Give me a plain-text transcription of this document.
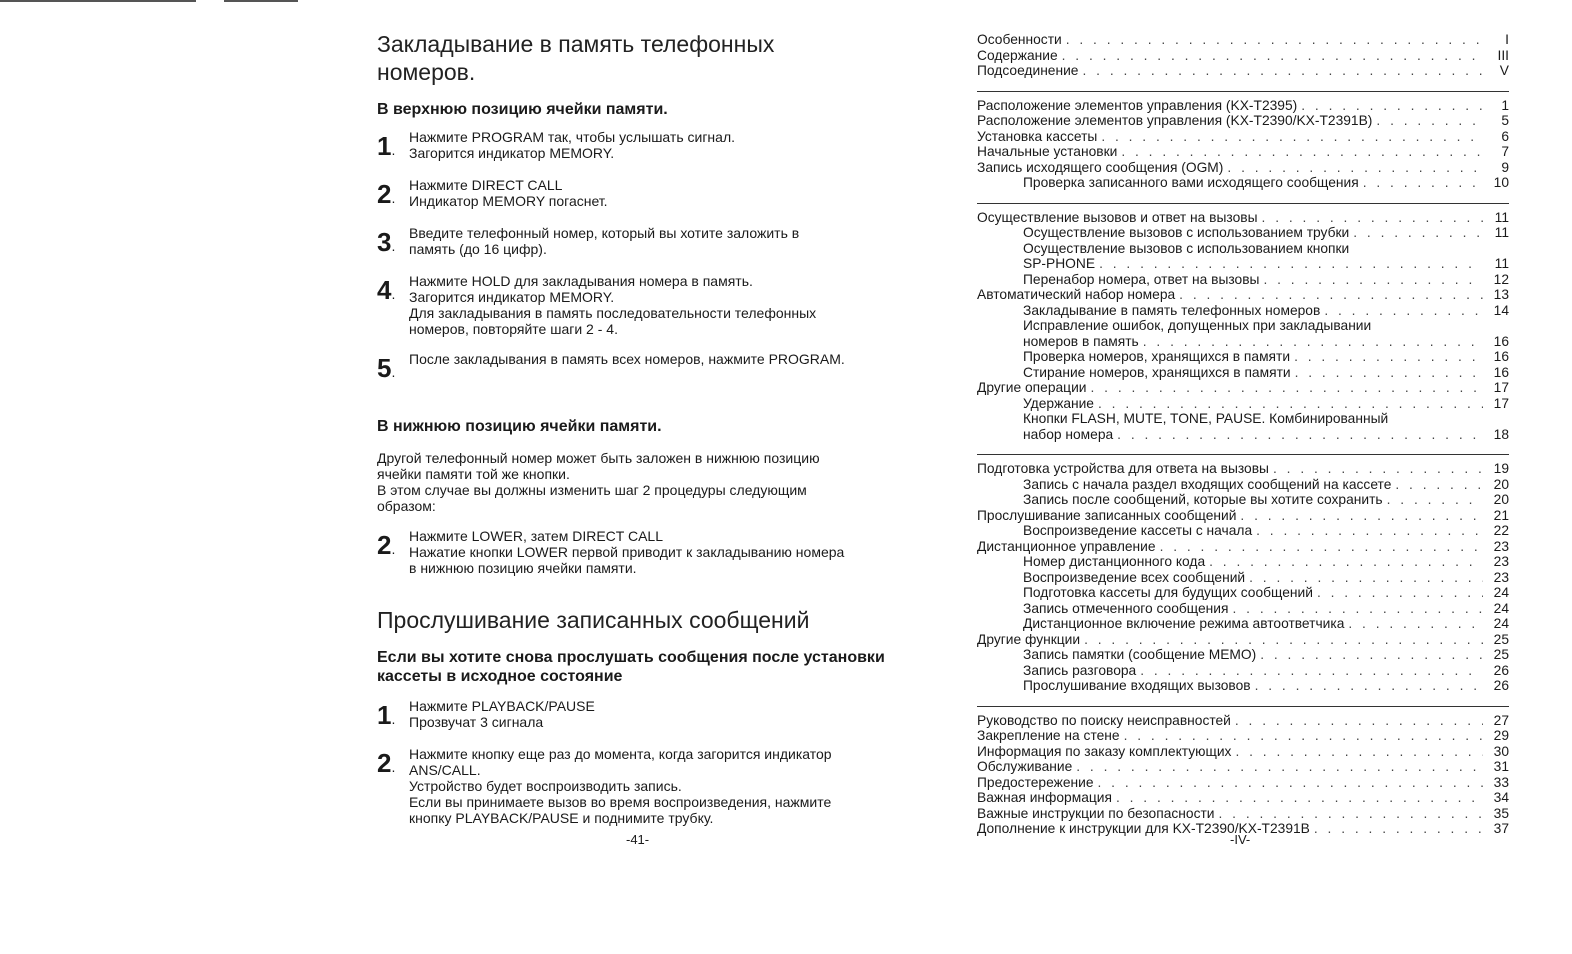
Закладывание в память телефонных номеров.
В верхнюю позицию ячейки памяти.
1.
Нажмите PROGRAM так, чтобы услышать сигнал.
Загорится индикатор MEMORY.
2.
Нажмите DIRECT CALL
Индикатор MEMORY погаснет.
3.
Введите телефонный номер, который вы хотите заложить в
память (до 16 цифр).
4.
Нажмите HOLD для закладывания номера в память.
Загорится индикатор MEMORY.
Для закладывания в память последовательности телефонных
номеров, повторяйте шаги 2 - 4.
5.
После закладывания в память всех номеров, нажмите PROGRAM.
В нижнюю позицию ячейки памяти.
Другой телефонный номер может быть заложен в нижнюю позицию
ячейки памяти той же кнопки.
В этом случае вы должны изменить шаг 2 процедуры следующим
образом:
2.
Нажмите LOWER, затем DIRECT CALL
Нажатие кнопки LOWER первой приводит к закладыванию номера
в нижнюю позицию ячейки памяти.
Прослушивание записанных сообщений
Если вы хотите снова прослушать сообщения после установки кассеты в исходное состояние
1.
Нажмите PLAYBACK/PAUSE
Прозвучат 3 сигнала
2.
Нажмите кнопку еще раз до момента, когда загорится индикатор
ANS/CALL.
Устройство будет воспроизводить запись.
Если вы принимаете вызов во время воспроизведения, нажмите
кнопку PLAYBACK/PAUSE и поднимите трубку.
-41-
Особенности . . .	I
Содержание . . .	III
Подсоединение . . .	V
Расположение элементов управления (KX-T2395) . . .	1
Расположение элементов управления (KX-T2390/KX-T2391B) . . .	5
Установка кассеты . . .	6
Начальные установки . . .	7
Запись исходящего сообщения (OGM) . . .	9
Проверка записанного вами исходящего сообщения . . .	10
Осуществление вызовов и ответ на вызовы . . .	11
Осуществление вызовов с использованием трубки . . .	11
Осуществление вызовов с использованием кнопки
SP-PHONE . . .	11
Перенабор номера, ответ на вызовы . . .	12
Автоматический набор номера . . .	13
Закладывание в память телефонных номеров . . .	14
Исправление ошибок, допущенных при закладывании
номеров в память . . .	16
Проверка номеров, хранящихся в памяти . . .	16
Стирание номеров, хранящихся в памяти . . .	16
Другие операции . . .	17
Удержание . . .	17
Кнопки FLASH, MUTE, TONE, PAUSE. Комбинированный
набор номера . . .	18
Подготовка устройства для ответа на вызовы . . .	19
Запись с начала раздел входящих сообщений на кассете . . .	20
Запись после сообщений, которые вы хотите сохранить . . .	20
Прослушивание записанных сообщений . . .	21
Воспроизведение кассеты с начала . . .	22
Дистанционное управление . . .	23
Номер дистанционного кода . . .	23
Воспроизведение всех сообщений . . .	23
Подготовка кассеты для будущих сообщений . . .	24
Запись отмеченного сообщения . . .	24
Дистанционное включение режима автоответчика . . .	24
Другие функции . . .	25
Запись памятки (сообщение MEMO) . . .	25
Запись разговора . . .	26
Прослушивание входящих вызовов . . .	26
Руководство по поиску неисправностей . . .	27
Закрепление на стене . . .	29
Информация по заказу комплектующих . . .	30
Обслуживание . . .	31
Предостережение . . .	33
Важная информация . . .	34
Важные инструкции по безопасности . . .	35
Дополнение к инструкции для KX-T2390/KX-T2391B . . .	37
-IV-
